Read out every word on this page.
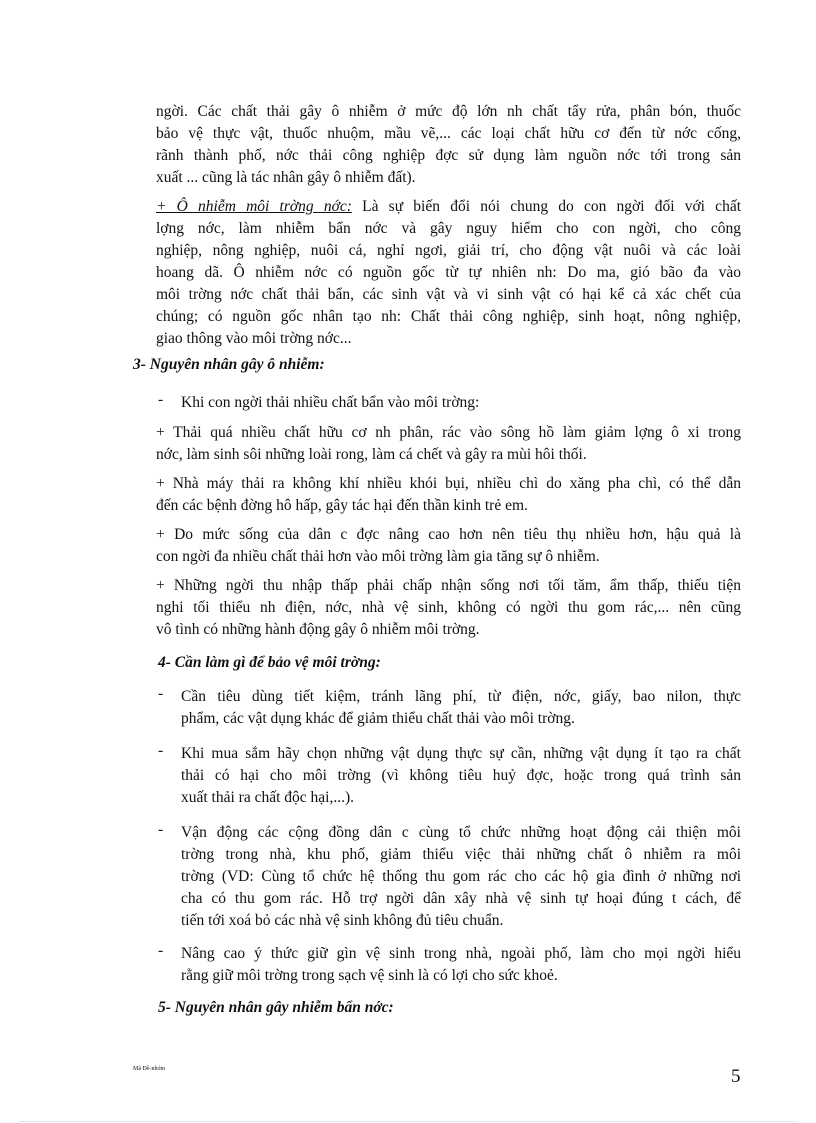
ngời. Các chất thải gây ô nhiễm ở mức độ lớn nh chất tẩy rửa, phân bón, thuốc
bảo vệ thực vật, thuốc nhuộm, mầu vẽ,... các loại chất hữu cơ đến từ nớc cống,
rãnh thành phố, nớc thải công nghiệp đợc sử dụng làm nguồn nớc tới trong sản
xuất ... cũng là tác nhân gây ô nhiễm đất).
+ Ô nhiễm môi trờng nớc: Là sự biến đổi nói chung do con ngời đối với chất
lợng nớc, làm nhiễm bẩn nớc và gây nguy hiểm cho con ngời, cho công
nghiệp, nông nghiệp, nuôi cá, nghỉ ngơi, giải trí, cho động vật nuôi và các loài
hoang dã. Ô nhiễm nớc có nguồn gốc từ tự nhiên nh: Do ma, gió bão đa vào
môi trờng nớc chất thải bẩn, các sinh vật và vi sinh vật có hại kể cả xác chết của
chúng; có nguồn gốc nhân tạo nh: Chất thải công nghiệp, sinh hoạt, nông nghiệp,
giao thông vào môi trờng nớc...
3- Nguyên nhân gây ô nhiễm:
- Khi con ngời thải nhiều chất bẩn vào môi trờng:
+ Thải quá nhiều chất hữu cơ nh phân, rác vào sông hồ làm giảm lợng ô xi trong
nớc, làm sinh sôi những loài rong, làm cá chết và gây ra mùi hôi thối.
+ Nhà máy thải ra không khí nhiều khói bụi, nhiều chì do xăng pha chì, có thể dẫn
đến các bệnh đờng hô hấp, gây tác hại đến thần kinh trẻ em.
+ Do mức sống của dân c đợc nâng cao hơn nên tiêu thụ nhiều hơn, hậu quả là
con ngời đa nhiều chất thải hơn vào môi trờng làm gia tăng sự ô nhiễm.
+ Những ngời thu nhập thấp phải chấp nhận sống nơi tối tăm, ẩm thấp, thiếu tiện
nghi tối thiểu nh điện, nớc, nhà vệ sinh, không có ngời thu gom rác,... nên cũng
vô tình có những hành động gây ô nhiễm môi trờng.
4- Cần làm gì để bảo vệ môi trờng:
- Cần tiêu dùng tiết kiệm, tránh lãng phí, từ điện, nớc, giấy, bao nilon, thực
phẩm, các vật dụng khác để giảm thiểu chất thải vào môi trờng.
- Khi mua sắm hãy chọn những vật dụng thực sự cần, những vật dụng ít tạo ra chất
thải có hại cho môi trờng (vì không tiêu huỷ đợc, hoặc trong quá trình sản
xuất thải ra chất độc hại,...).
- Vận động các cộng đồng dân c cùng tổ chức những hoạt động cải thiện môi
trờng trong nhà, khu phố, giảm thiểu việc thải những chất ô nhiễm ra môi
trờng (VD: Cùng tổ chức hệ thống thu gom rác cho các hộ gia đình ở những nơi
cha có thu gom rác. Hỗ trợ ngời dân xây nhà vệ sinh tự hoại đúng t cách, để
tiến tới xoá bỏ các nhà vệ sinh không đủ tiêu chuẩn.
- Nâng cao ý thức giữ gìn vệ sinh trong nhà, ngoài phố, làm cho mọi ngời hiểu
rằng giữ môi trờng trong sạch vệ sinh là có lợi cho sức khoẻ.
5- Nguyên nhân gây nhiễm bẩn nớc:
Mã Đề-nhóm	5
